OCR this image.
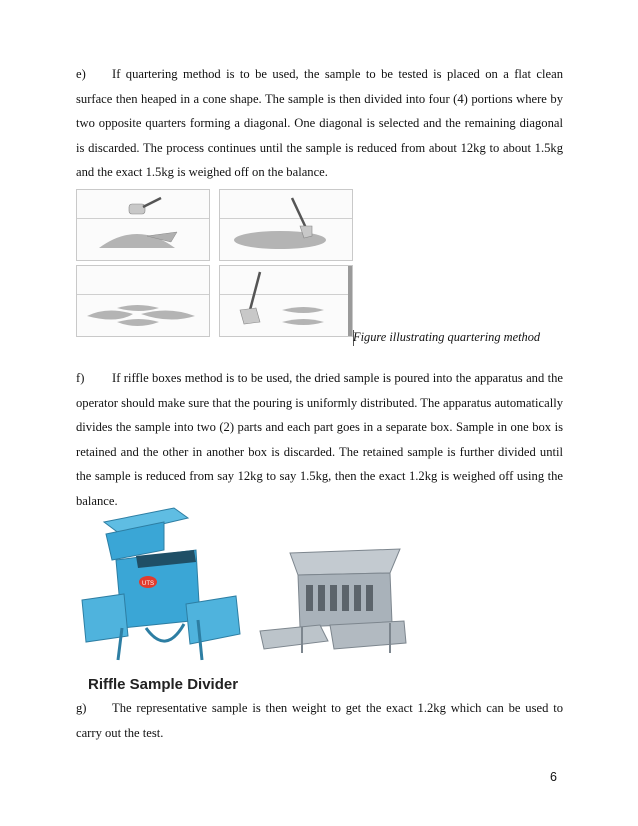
e) If quartering method is to be used, the sample to be tested is placed on a flat clean surface then heaped in a cone shape. The sample is then divided into four (4) portions where by two opposite quarters forming a diagonal. One diagonal is selected and the remaining diagonal is discarded. The process continues until the sample is reduced from about 12kg to about 1.5kg and the exact 1.5kg is weighed off on the balance.
Figure illustrating quartering method
f) If riffle boxes method is to be used, the dried sample is poured into the apparatus and the operator should make sure that the pouring is uniformly distributed. The apparatus automatically divides the sample into two (2) parts and each part goes in a separate box. Sample in one box is retained and the other in another box is discarded. The retained sample is further divided until the sample is reduced from say 12kg to say 1.5kg, then the exact 1.2kg is weighed off using the balance.
UTS
Riffle Sample Divider
g) The representative sample is then weight to get the exact 1.2kg which can be used to carry out the test.
6
